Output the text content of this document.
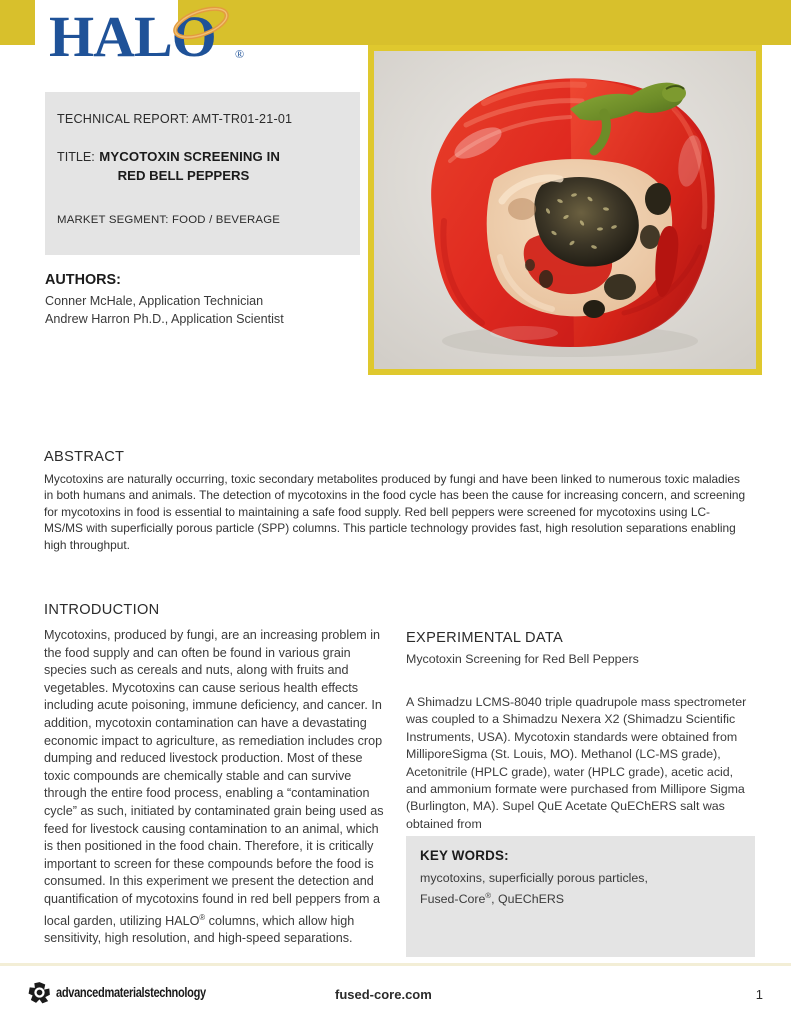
HALO ®
TECHNICAL REPORT: AMT-TR01-21-01
TITLE: MYCOTOXIN SCREENING IN
RED BELL PEPPERS
MARKET SEGMENT: FOOD / BEVERAGE
AUTHORS:
Conner McHale, Application Technician
Andrew Harron Ph.D., Application Scientist
ABSTRACT
Mycotoxins are naturally occurring, toxic secondary metabolites produced by fungi and have been linked to numerous toxic maladies in both humans and animals. The detection of mycotoxins in the food cycle has been the cause for increasing concern, and screening for mycotoxins in food is essential to maintaining a safe food supply. Red bell peppers were screened for mycotoxins using LC-MS/MS with superficially porous particle (SPP) columns. This particle technology provides fast, high resolution separations enabling high throughput.
INTRODUCTION
Mycotoxins, produced by fungi, are an increasing problem in the food supply and can often be found in various grain species such as cereals and nuts, along with fruits and vegetables. Mycotoxins can cause serious health effects including acute poisoning, immune deficiency, and cancer. In addition, mycotoxin contamination can have a devastating economic impact to agriculture, as remediation includes crop dumping and reduced livestock production. Most of these toxic compounds are chemically stable and can survive through the entire food process, enabling a “contamination cycle” as such, initiated by contaminated grain being used as feed for livestock causing contamination to an animal, which is then positioned in the food chain. Therefore, it is critically important to screen for these compounds before the food is consumed. In this experiment we present the detection and quantification of mycotoxins found in red bell peppers from a local garden, utilizing HALO® columns, which allow high sensitivity, high resolution, and high-speed separations.
EXPERIMENTAL DATA
Mycotoxin Screening for Red Bell Peppers
A Shimadzu LCMS-8040 triple quadrupole mass spectrometer was coupled to a Shimadzu Nexera X2 (Shimadzu Scientific Instruments, USA). Mycotoxin standards were obtained from MilliporeSigma (St. Louis, MO). Methanol (LC-MS grade), Acetonitrile (HPLC grade), water (HPLC grade), acetic acid, and ammonium formate were purchased from Millipore Sigma (Burlington, MA). Supel QuE Acetate QuEChERS salt was obtained from
KEY WORDS:
mycotoxins, superficially porous particles,
Fused-Core®, QuEChERS
advancedmaterialstechnology	fused-core.com	1
